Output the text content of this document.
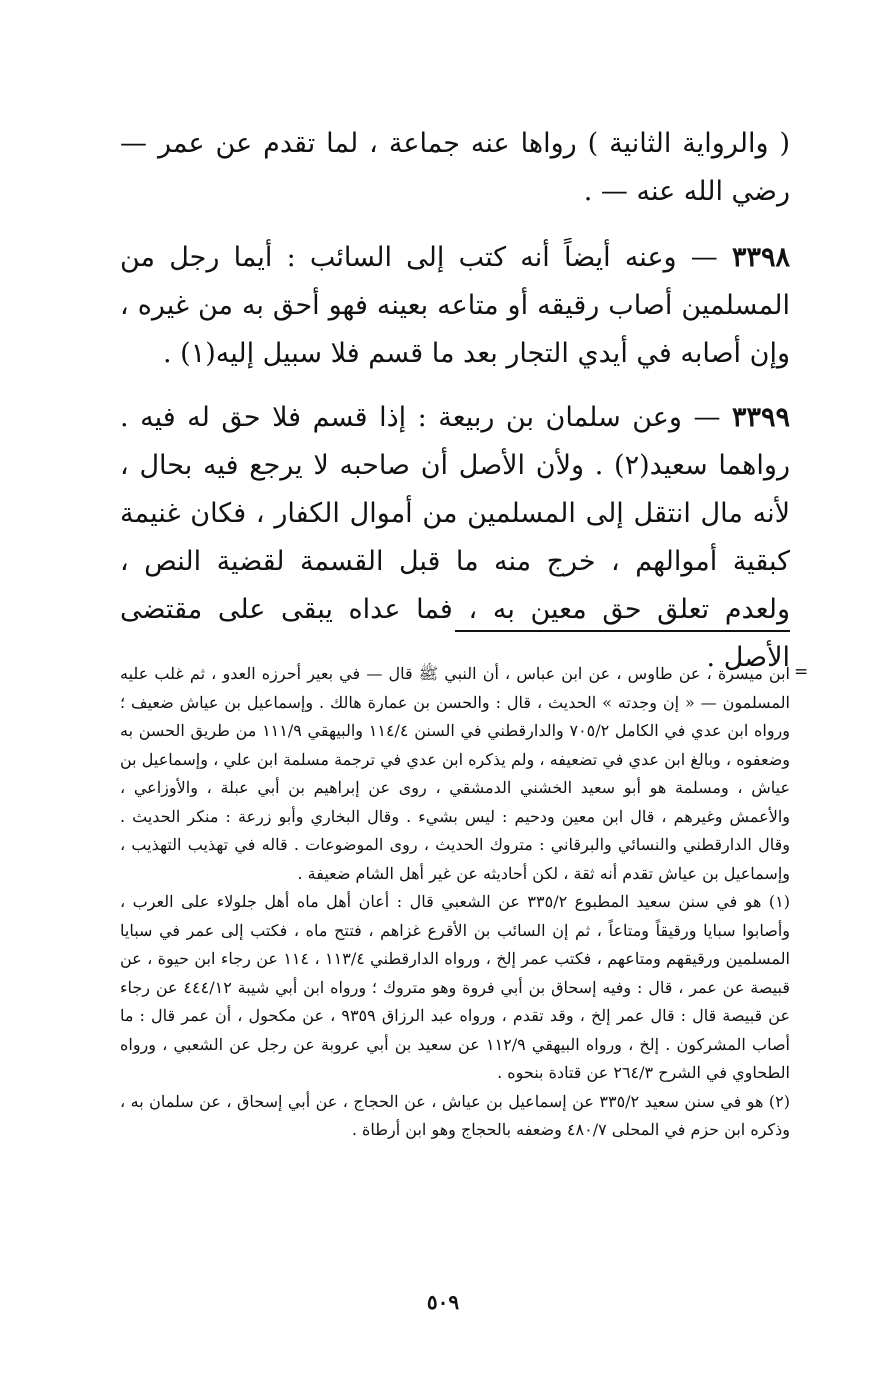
( والرواية الثانية ) رواها عنه جماعة ، لما تقدم عن عمر — رضي الله عنه — .

٣٣٩٨ — وعنه أيضاً أنه كتب إلى السائب : أيما رجل من المسلمين أصاب رقيقه أو متاعه بعينه فهو أحق به من غيره ، وإن أصابه في أيدي التجار بعد ما قسم فلا سبيل إليه(١) .

٣٣٩٩ — وعن سلمان بن ربيعة : إذا قسم فلا حق له فيه . رواهما سعيد(٢) . ولأن الأصل أن صاحبه لا يرجع فيه بحال ، لأنه مال انتقل إلى المسلمين من أموال الكفار ، فكان غنيمة كبقية أموالهم ، خرج منه ما قبل القسمة لقضية النص ، ولعدم تعلق حق معين به ، فما عداه يبقى على مقتضى الأصل . =

ابن ميسرة ، عن طاوس ، عن ابن عباس ، أن النبي ﷺ قال — في بعير أحرزه العدو ، ثم غلب عليه المسلمون — « إن وجدته » الحديث ، قال : والحسن بن عمارة هالك . وإسماعيل بن عياش ضعيف ؛ ورواه ابن عدي في الكامل ٧٠٥/٢ والدارقطني في السنن ١١٤/٤ والبيهقي ١١١/٩ من طريق الحسن به وضعفوه ، وبالغ ابن عدي في تضعيفه ، ولم يذكره ابن عدي في ترجمة مسلمة ابن علي ، وإسماعيل بن عياش ، ومسلمة هو أبو سعيد الخشني الدمشقي ، روى عن إبراهيم بن أبي عبلة ، والأوزاعي ، والأعمش وغيرهم ، قال ابن معين ودحيم : ليس بشيء . وقال البخاري وأبو زرعة : منكر الحديث . وقال الدارقطني والنسائي والبرقاني : متروك الحديث ، روى الموضوعات . قاله في تهذيب التهذيب ، وإسماعيل بن عياش تقدم أنه ثقة ، لكن أحاديثه عن غير أهل الشام ضعيفة .

(١) هو في سنن سعيد المطبوع ٣٣٥/٢ عن الشعبي قال : أعان أهل ماه أهل جلولاء على العرب ، وأصابوا سبايا ورقيقاً ومتاعاً ، ثم إن السائب بن الأقرع غزاهم ، فتتح ماه ، فكتب إلى عمر في سبايا المسلمين ورقيقهم ومتاعهم ، فكتب عمر إلخ ، ورواه الدارقطني ١١٣/٤ ، ١١٤ عن رجاء ابن حيوة ، عن قبيصة عن عمر ، قال : وفيه إسحاق بن أبي فروة وهو متروك ؛ ورواه ابن أبي شيبة ٤٤٤/١٢ عن رجاء عن قبيصة قال : قال عمر إلخ ، وقد تقدم ، ورواه عبد الرزاق ٩٣٥٩ ، عن مكحول ، أن عمر قال : ما أصاب المشركون . إلخ ، ورواه البيهقي ١١٢/٩ عن سعيد بن أبي عروبة عن رجل عن الشعبي ، ورواه الطحاوي في الشرح ٢٦٤/٣ عن قتادة بنحوه .

(٢) هو في سنن سعيد ٣٣٥/٢ عن إسماعيل بن عياش ، عن الحجاج ، عن أبي إسحاق ، عن سلمان به ، وذكره ابن حزم في المحلى ٤٨٠/٧ وضعفه بالحجاج وهو ابن أرطاة .

٥٠٩
